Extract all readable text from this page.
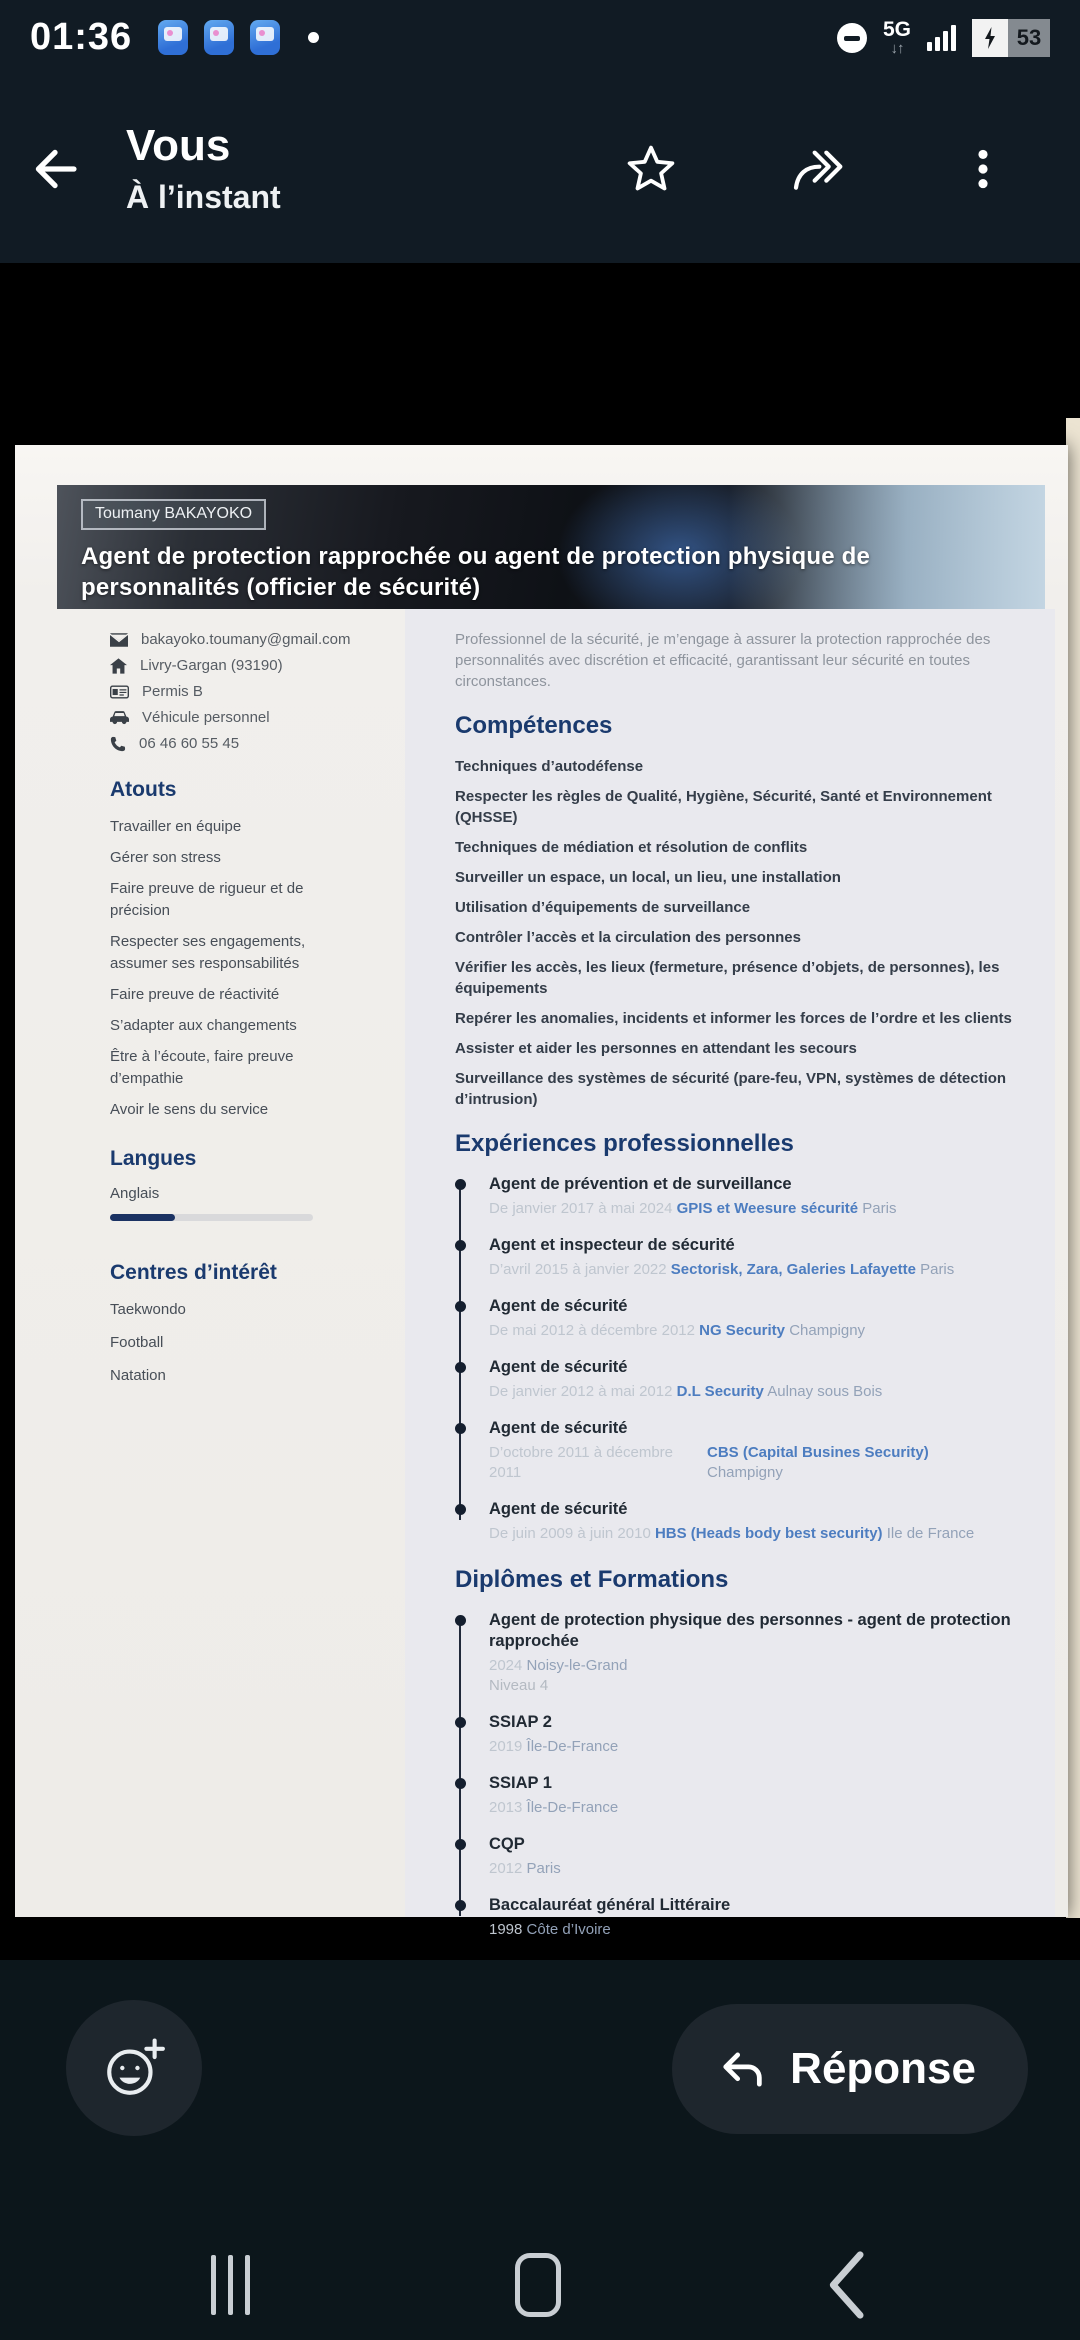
01:36	5G
↓↑	53
Vous
À l’instant
Toumany BAKAYOKO
Agent de protection rapprochée ou agent de protection physique de
personnalités (officier de sécurité)
bakayoko.toumany@gmail.com
Livry-Gargan (93190)
Permis B
Véhicule personnel
06 46 60 55 45
Atouts
Travailler en équipe
Gérer son stress
Faire preuve de rigueur et de précision
Respecter ses engagements, assumer ses responsabilités
Faire preuve de réactivité
S’adapter aux changements
Être à l’écoute, faire preuve d’empathie
Avoir le sens du service
Langues
Anglais
Centres d’intérêt
Taekwondo
Football
Natation

Professionnel de la sécurité, je m’engage à assurer la protection rapprochée des personnalités avec discrétion et efficacité, garantissant leur sécurité en toutes circonstances.

Compétences
Techniques d’autodéfense
Respecter les règles de Qualité, Hygiène, Sécurité, Santé et Environnement (QHSSE)
Techniques de médiation et résolution de conflits
Surveiller un espace, un local, un lieu, une installation
Utilisation d’équipements de surveillance
Contrôler l’accès et la circulation des personnes
Vérifier les accès, les lieux (fermeture, présence d’objets, de personnes), les équipements
Repérer les anomalies, incidents et informer les forces de l’ordre et les clients
Assister et aider les personnes en attendant les secours
Surveillance des systèmes de sécurité (pare-feu, VPN, systèmes de détection d’intrusion)
Expériences professionnelles
Agent de prévention et de surveillance
De janvier 2017 à mai 2024 GPIS et Weesure sécurité Paris
Agent et inspecteur de sécurité
D’avril 2015 à janvier 2022 Sectorisk, Zara, Galeries Lafayette Paris
Agent de sécurité
De mai 2012 à décembre 2012 NG Security Champigny
Agent de sécurité
De janvier 2012 à mai 2012 D.L Security Aulnay sous Bois
Agent de sécurité
D’octobre 2011 à décembre 2011
CBS (Capital Busines Security)
Champigny
Agent de sécurité
De juin 2009 à juin 2010 HBS (Heads body best security) Ile de France
Diplômes et Formations
Agent de protection physique des personnes - agent de protection rapprochée
2024 Noisy-le-Grand
Niveau 4
SSIAP 2
2019 Île-De-France
SSIAP 1
2013 Île-De-France
CQP
2012 Paris
Baccalauréat général Littéraire
1998 Côte d’Ivoire
Réponse
